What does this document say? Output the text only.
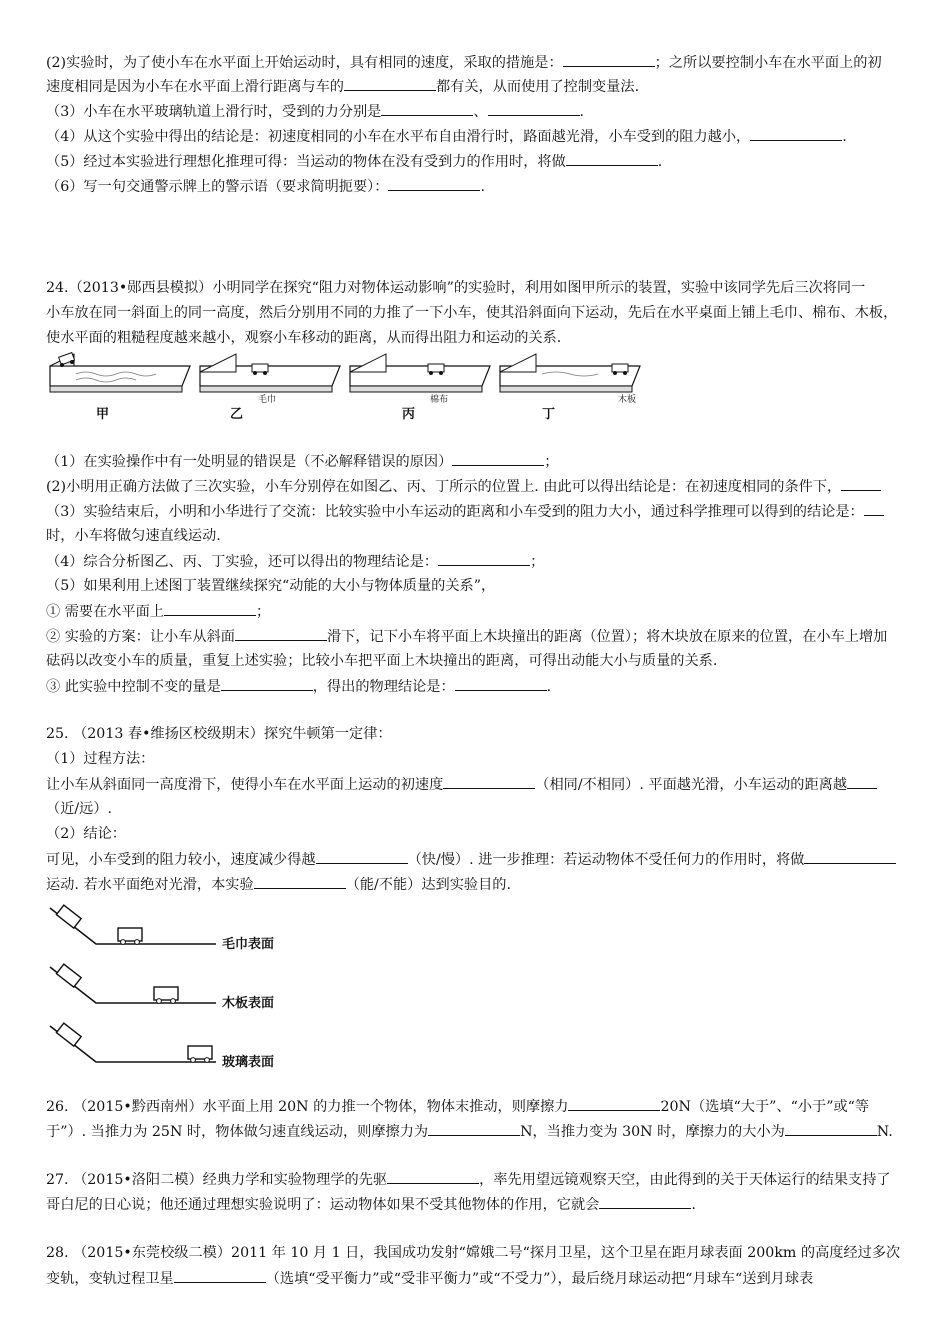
(2)实验时，为了使小车在水平面上开始运动时，具有相同的速度，采取的措施是：	；之所以要控制小车在水平面上的初
速度相同是因为小车在水平面上滑行距离与车的	都有关，从而使用了控制变量法.
（3）小车在水平玻璃轨道上滑行时，受到的力分别是	、	.
（4）从这个实验中得出的结论是：初速度相同的小车在水平布自由滑行时，路面越光滑，小车受到的阻力越小，	.
（5）经过本实验进行理想化推理可得：当运动的物体在没有受到力的作用时，将做	.
（6）写一句交通警示牌上的警示语（要求简明扼要）：	.
24.（2013•郧西县模拟）小明同学在探究“阻力对物体运动影响”的实验时，利用如图甲所示的装置，实验中该同学先后三次将同一
小车放在同一斜面上的同一高度，然后分别用不同的力推了一下小车，使其沿斜面向下运动，先后在水平桌面上铺上毛巾、棉布、木板，
使水平面的粗糙程度越来越小，观察小车移动的距离，从而得出阻力和运动的关系.
甲
毛巾
乙
棉布
丙
木板
丁
（1）在实验操作中有一处明显的错误是（不必解释错误的原因）	；
(2)小明用正确方法做了三次实验，小车分别停在如图乙、丙、丁所示的位置上. 由此可以得出结论是：在初速度相同的条件下，
（3）实验结束后，小明和小华进行了交流：比较实验中小车运动的距离和小车受到的阻力大小，通过科学推理可以得到的结论是：
时，小车将做匀速直线运动.
（4）综合分析图乙、丙、丁实验，还可以得出的物理结论是：	；
（5）如果利用上述图丁装置继续探究“动能的大小与物体质量的关系”，
① 需要在水平面上	；
② 实验的方案：让小车从斜面	滑下，记下小车将平面上木块撞出的距离（位置）；将木块放在原来的位置，在小车上增加
砝码以改变小车的质量，重复上述实验；比较小车把平面上木块撞出的距离，可得出动能大小与质量的关系.
③ 此实验中控制不变的量是	，得出的物理结论是：	.
25. （2013 春•维扬区校级期末）探究牛顿第一定律：
（1）过程方法：
让小车从斜面同一高度滑下，使得小车在水平面上运动的初速度	（相同/不相同）. 平面越光滑，小车运动的距离越
（近/远）.
（2）结论：
可见，小车受到的阻力较小，速度减少得越	（快/慢）. 进一步推理：若运动物体不受任何力的作用时，将做
运动. 若水平面绝对光滑，本实验	（能/不能）达到实验目的.
毛巾表面
木板表面
玻璃表面
26. （2015•黔西南州）水平面上用 20N 的力推一个物体，物体末推动，则摩擦力	20N（选填“大于”、“小于”或“等
于”）. 当推力为 25N 时，物体做匀速直线运动，则摩擦力为	N，当推力变为 30N 时，摩擦力的大小为	N.
27. （2015•洛阳二模）经典力学和实验物理学的先驱	，率先用望远镜观察天空，由此得到的关于天体运行的结果支持了
哥白尼的日心说；他还通过理想实验说明了：运动物体如果不受其他物体的作用，它就会	.
28. （2015•东莞校级二模）2011 年 10 月 1 日，我国成功发射“嫦娥二号“探月卫星，这个卫星在距月球表面 200km 的高度经过多次
变轨，变轨过程卫星	（选填“受平衡力”或“受非平衡力”或“不受力”），最后绕月球运动把“月球车“送到月球表
